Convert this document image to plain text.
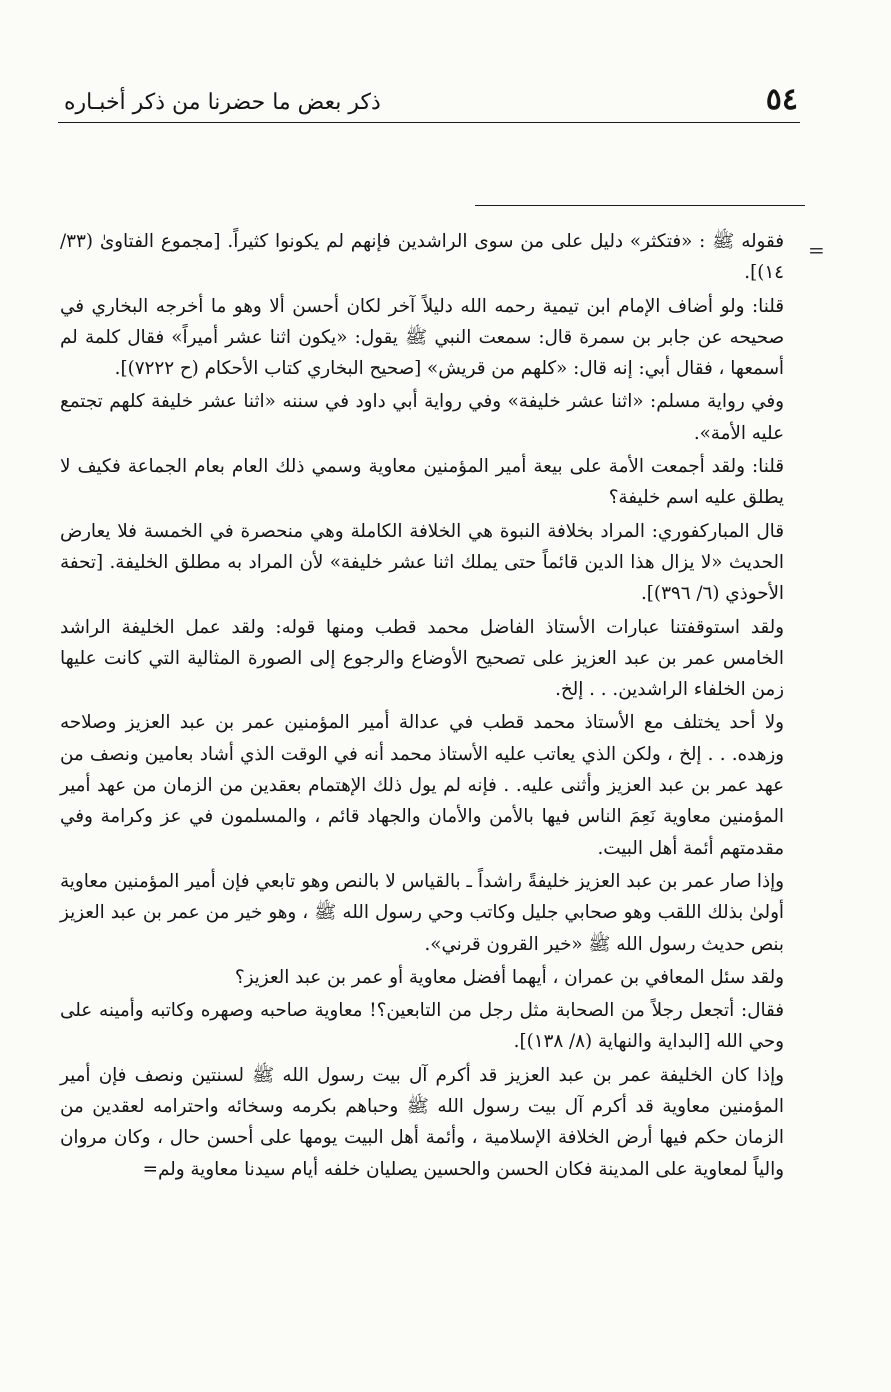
٥٤
ذكر بعض ما حضرنا من ذكر أخبـاره
=

فقوله ﷺ : «فتكثر» دليل على من سوى الراشدين فإنهم لم يكونوا كثيراً. [مجموع الفتاوىٰ (٣٣/ ١٤)].

قلنا: ولو أضاف الإمام ابن تيمية رحمه الله دليلاً آخر لكان أحسن ألا وهو ما أخرجه البخاري في صحيحه عن جابر بن سمرة قال: سمعت النبي ﷺ يقول: «يكون اثنا عشر أميراً» فقال كلمة لم أسمعها ، فقال أبي: إنه قال: «كلهم من قريش» [صحيح البخاري كتاب الأحكام (ح ٧٢٢٢)].

وفي رواية مسلم: «اثنا عشر خليفة» وفي رواية أبي داود في سننه «اثنا عشر خليفة كلهم تجتمع عليه الأمة».

قلنا: ولقد أجمعت الأمة على بيعة أمير المؤمنين معاوية وسمي ذلك العام بعام الجماعة فكيف لا يطلق عليه اسم خليفة؟

قال المباركفوري: المراد بخلافة النبوة هي الخلافة الكاملة وهي منحصرة في الخمسة فلا يعارض الحديث «لا يزال هذا الدين قائماً حتى يملك اثنا عشر خليفة» لأن المراد به مطلق الخليفة. [تحفة الأحوذي (٦/ ٣٩٦)].

ولقد استوقفتنا عبارات الأستاذ الفاضل محمد قطب ومنها قوله: ولقد عمل الخليفة الراشد الخامس عمر بن عبد العزيز على تصحيح الأوضاع والرجوع إلى الصورة المثالية التي كانت عليها زمن الخلفاء الراشدين. . . إلخ.

ولا أحد يختلف مع الأستاذ محمد قطب في عدالة أمير المؤمنين عمر بن عبد العزيز وصلاحه وزهده. . . إلخ ، ولكن الذي يعاتب عليه الأستاذ محمد أنه في الوقت الذي أشاد بعامين ونصف من عهد عمر بن عبد العزيز وأثنى عليه. . فإنه لم يول ذلك الإهتمام بعقدين من الزمان من عهد أمير المؤمنين معاوية نَعِمَ الناس فيها بالأمن والأمان والجهاد قائم ، والمسلمون في عز وكرامة وفي مقدمتهم أئمة أهل البيت.

وإذا صار عمر بن عبد العزيز خليفةً راشداً ـ بالقياس لا بالنص وهو تابعي فإن أمير المؤمنين معاوية أولىٰ بذلك اللقب وهو صحابي جليل وكاتب وحي رسول الله ﷺ ، وهو خير من عمر بن عبد العزيز بنص حديث رسول الله ﷺ «خير القرون قرني».

ولقد سئل المعافي بن عمران ، أيهما أفضل معاوية أو عمر بن عبد العزيز؟

فقال: أتجعل رجلاً من الصحابة مثل رجل من التابعين؟! معاوية صاحبه وصهره وكاتبه وأمينه على وحي الله [البداية والنهاية (٨/ ١٣٨)].

وإذا كان الخليفة عمر بن عبد العزيز قد أكرم آل بيت رسول الله ﷺ لسنتين ونصف فإن أمير المؤمنين معاوية قد أكرم آل بيت رسول الله ﷺ وحباهم بكرمه وسخائه واحترامه لعقدين من الزمان حكم فيها أرض الخلافة الإسلامية ، وأئمة أهل البيت يومها على أحسن حال ، وكان مروان والياً لمعاوية على المدينة فكان الحسن والحسين يصليان خلفه أيام سيدنا معاوية ولم=
